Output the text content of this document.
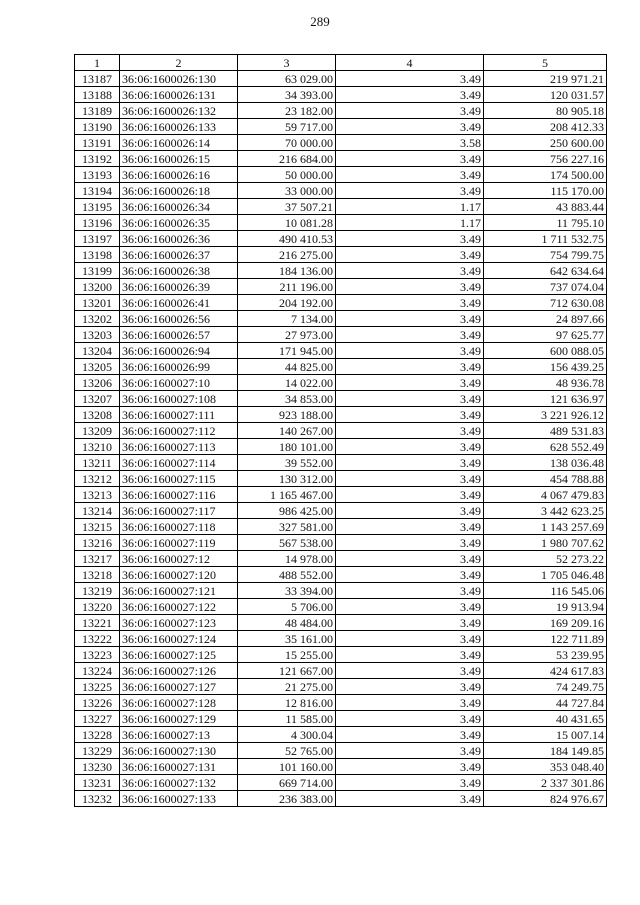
289
1	2	3	4	5
13187	36:06:1600026:130	63 029.00	3.49	219 971.21
13188	36:06:1600026:131	34 393.00	3.49	120 031.57
13189	36:06:1600026:132	23 182.00	3.49	80 905.18
13190	36:06:1600026:133	59 717.00	3.49	208 412.33
13191	36:06:1600026:14	70 000.00	3.58	250 600.00
13192	36:06:1600026:15	216 684.00	3.49	756 227.16
13193	36:06:1600026:16	50 000.00	3.49	174 500.00
13194	36:06:1600026:18	33 000.00	3.49	115 170.00
13195	36:06:1600026:34	37 507.21	1.17	43 883.44
13196	36:06:1600026:35	10 081.28	1.17	11 795.10
13197	36:06:1600026:36	490 410.53	3.49	1 711 532.75
13198	36:06:1600026:37	216 275.00	3.49	754 799.75
13199	36:06:1600026:38	184 136.00	3.49	642 634.64
13200	36:06:1600026:39	211 196.00	3.49	737 074.04
13201	36:06:1600026:41	204 192.00	3.49	712 630.08
13202	36:06:1600026:56	7 134.00	3.49	24 897.66
13203	36:06:1600026:57	27 973.00	3.49	97 625.77
13204	36:06:1600026:94	171 945.00	3.49	600 088.05
13205	36:06:1600026:99	44 825.00	3.49	156 439.25
13206	36:06:1600027:10	14 022.00	3.49	48 936.78
13207	36:06:1600027:108	34 853.00	3.49	121 636.97
13208	36:06:1600027:111	923 188.00	3.49	3 221 926.12
13209	36:06:1600027:112	140 267.00	3.49	489 531.83
13210	36:06:1600027:113	180 101.00	3.49	628 552.49
13211	36:06:1600027:114	39 552.00	3.49	138 036.48
13212	36:06:1600027:115	130 312.00	3.49	454 788.88
13213	36:06:1600027:116	1 165 467.00	3.49	4 067 479.83
13214	36:06:1600027:117	986 425.00	3.49	3 442 623.25
13215	36:06:1600027:118	327 581.00	3.49	1 143 257.69
13216	36:06:1600027:119	567 538.00	3.49	1 980 707.62
13217	36:06:1600027:12	14 978.00	3.49	52 273.22
13218	36:06:1600027:120	488 552.00	3.49	1 705 046.48
13219	36:06:1600027:121	33 394.00	3.49	116 545.06
13220	36:06:1600027:122	5 706.00	3.49	19 913.94
13221	36:06:1600027:123	48 484.00	3.49	169 209.16
13222	36:06:1600027:124	35 161.00	3.49	122 711.89
13223	36:06:1600027:125	15 255.00	3.49	53 239.95
13224	36:06:1600027:126	121 667.00	3.49	424 617.83
13225	36:06:1600027:127	21 275.00	3.49	74 249.75
13226	36:06:1600027:128	12 816.00	3.49	44 727.84
13227	36:06:1600027:129	11 585.00	3.49	40 431.65
13228	36:06:1600027:13	4 300.04	3.49	15 007.14
13229	36:06:1600027:130	52 765.00	3.49	184 149.85
13230	36:06:1600027:131	101 160.00	3.49	353 048.40
13231	36:06:1600027:132	669 714.00	3.49	2 337 301.86
13232	36:06:1600027:133	236 383.00	3.49	824 976.67
